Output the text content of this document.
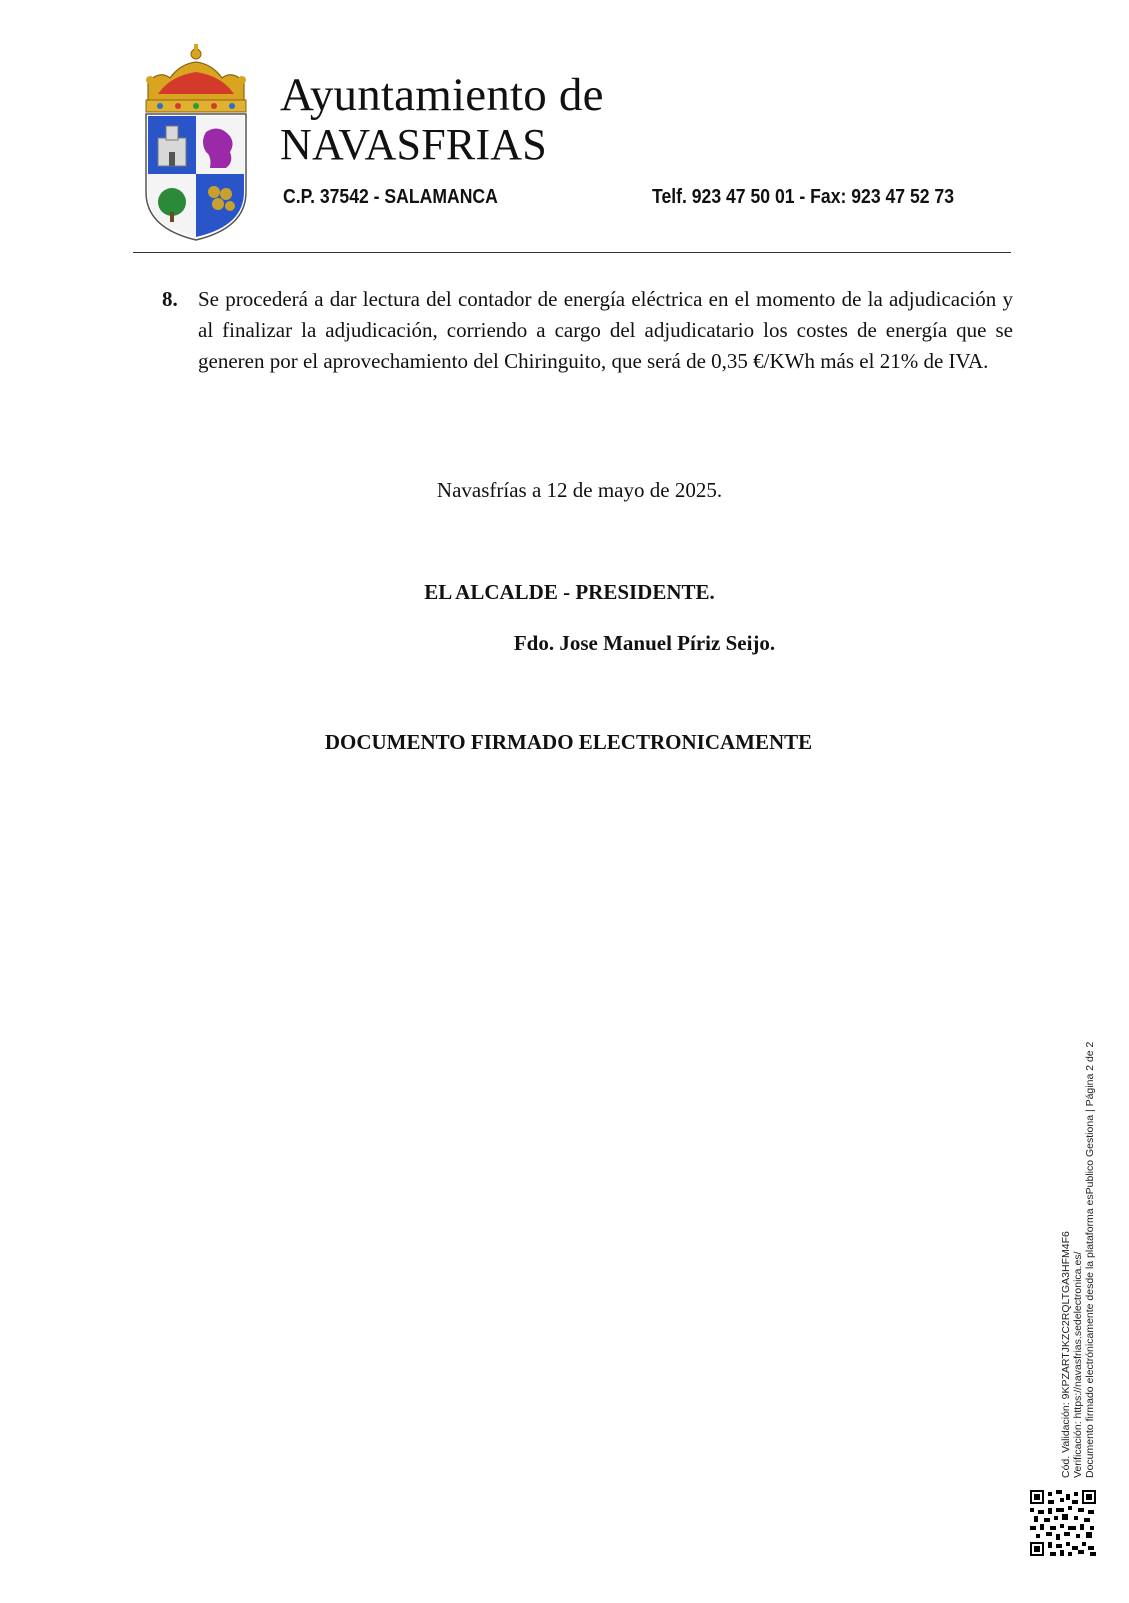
Ayuntamiento de
NAVASFRIAS
C.P. 37542 - SALAMANCA	Telf. 923 47 50 01 - Fax: 923 47 52 73
8. Se procederá a dar lectura del contador de energía eléctrica en el momento de la adjudicación y al finalizar la adjudicación, corriendo a cargo del adjudicatario los costes de energía que se generen por el aprovechamiento del Chiringuito, que será de 0,35 €/KWh más el 21% de IVA.
Navasfrías a 12 de mayo de 2025.
EL ALCALDE - PRESIDENTE.
Fdo. Jose Manuel Píriz Seijo.
DOCUMENTO FIRMADO ELECTRONICAMENTE
Cód. Validación: 9KPZARTJKZC2RQLTGA3HFM4F6 Verificación: https://navasfrias.sedelectronica.es/ Documento firmado electrónicamente desde la plataforma esPublico Gestiona | Página 2 de 2
